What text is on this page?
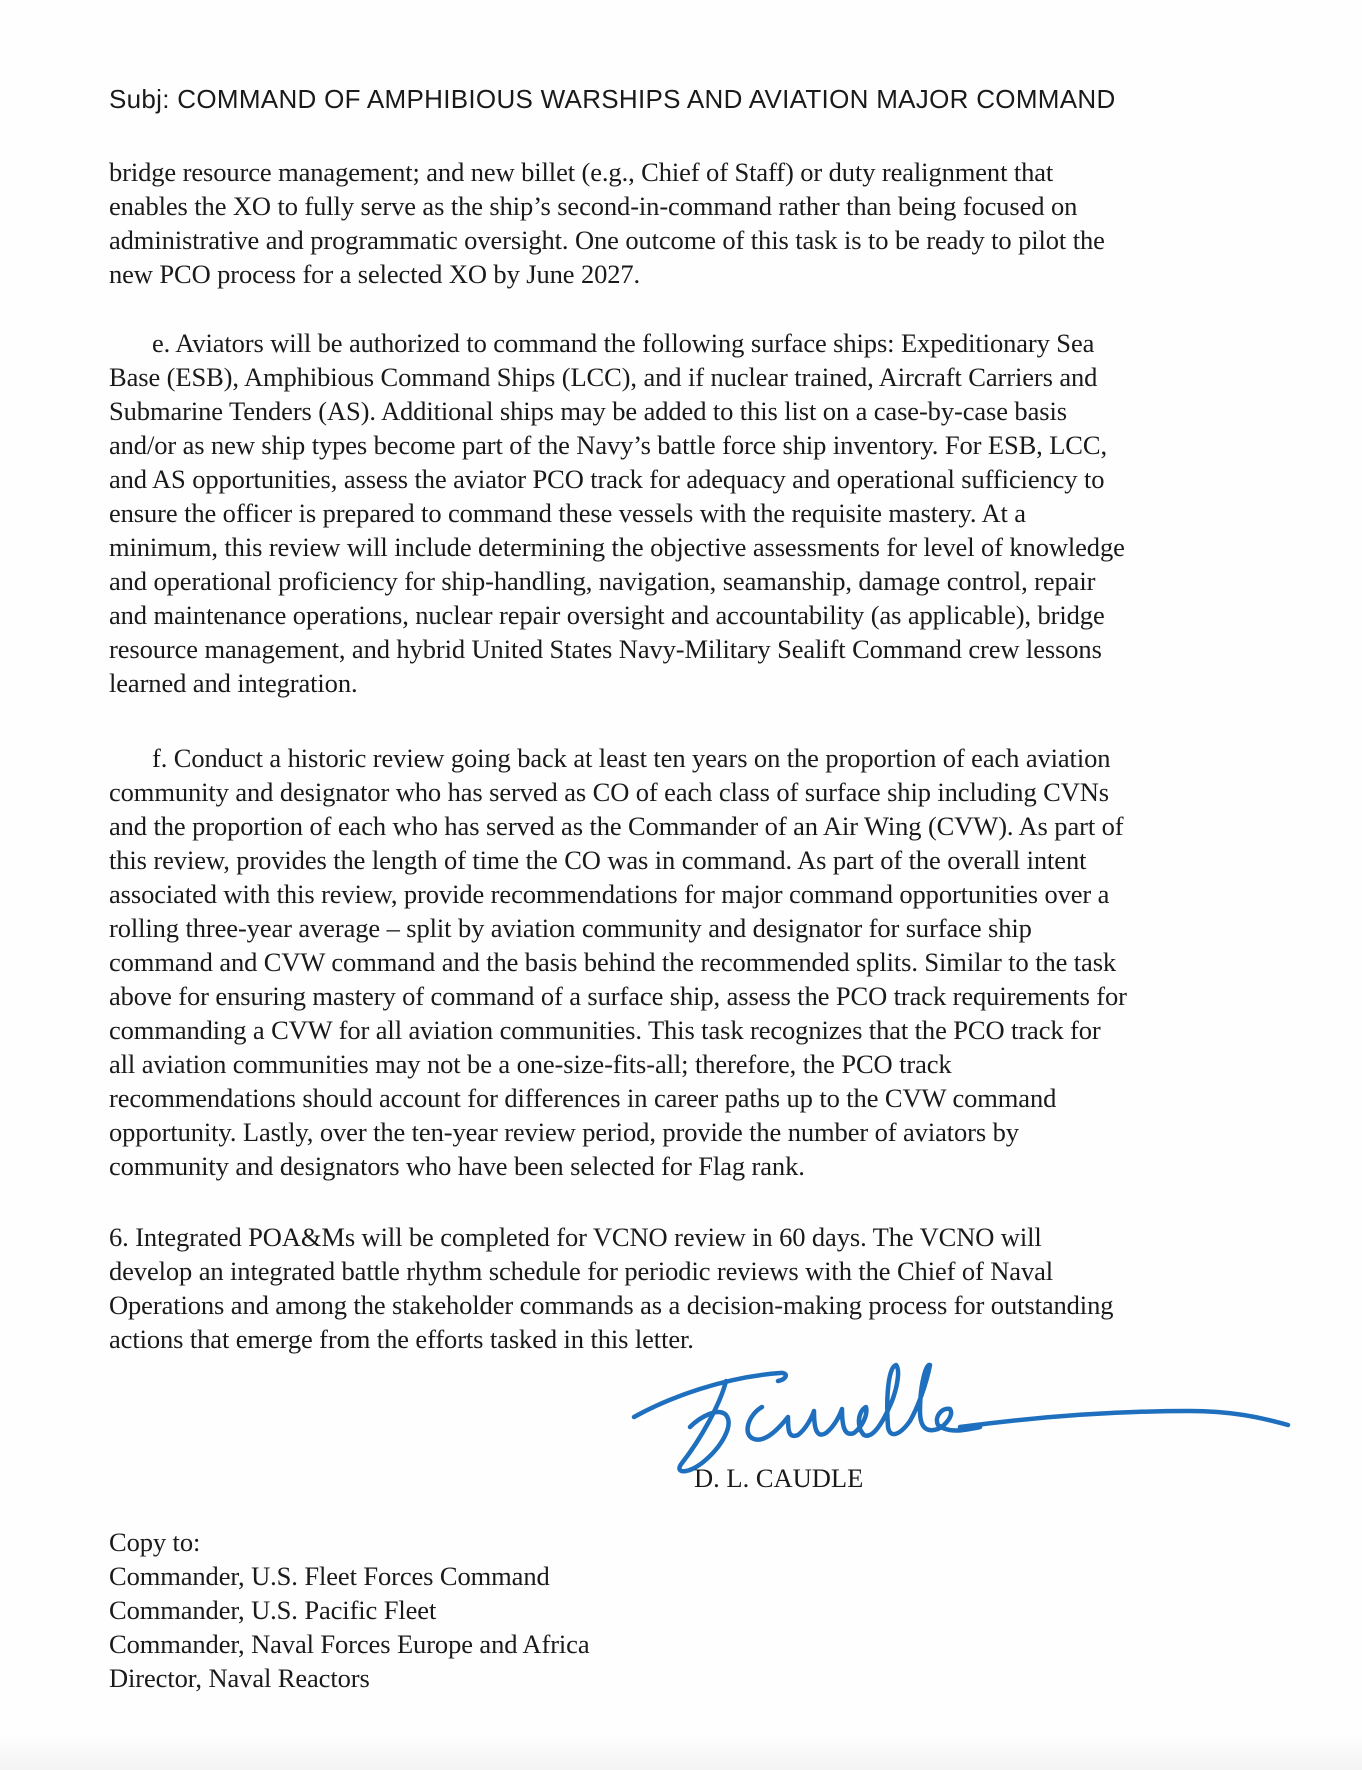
Subj: COMMAND OF AMPHIBIOUS WARSHIPS AND AVIATION MAJOR COMMAND
bridge resource management; and new billet (e.g., Chief of Staff) or duty realignment that
enables the XO to fully serve as the ship’s second-in-command rather than being focused on
administrative and programmatic oversight. One outcome of this task is to be ready to pilot the
new PCO process for a selected XO by June 2027.
e. Aviators will be authorized to command the following surface ships: Expeditionary Sea
Base (ESB), Amphibious Command Ships (LCC), and if nuclear trained, Aircraft Carriers and
Submarine Tenders (AS). Additional ships may be added to this list on a case-by-case basis
and/or as new ship types become part of the Navy’s battle force ship inventory. For ESB, LCC,
and AS opportunities, assess the aviator PCO track for adequacy and operational sufficiency to
ensure the officer is prepared to command these vessels with the requisite mastery. At a
minimum, this review will include determining the objective assessments for level of knowledge
and operational proficiency for ship-handling, navigation, seamanship, damage control, repair
and maintenance operations, nuclear repair oversight and accountability (as applicable), bridge
resource management, and hybrid United States Navy-Military Sealift Command crew lessons
learned and integration.
f. Conduct a historic review going back at least ten years on the proportion of each aviation
community and designator who has served as CO of each class of surface ship including CVNs
and the proportion of each who has served as the Commander of an Air Wing (CVW). As part of
this review, provides the length of time the CO was in command. As part of the overall intent
associated with this review, provide recommendations for major command opportunities over a
rolling three-year average – split by aviation community and designator for surface ship
command and CVW command and the basis behind the recommended splits. Similar to the task
above for ensuring mastery of command of a surface ship, assess the PCO track requirements for
commanding a CVW for all aviation communities. This task recognizes that the PCO track for
all aviation communities may not be a one-size-fits-all; therefore, the PCO track
recommendations should account for differences in career paths up to the CVW command
opportunity. Lastly, over the ten-year review period, provide the number of aviators by
community and designators who have been selected for Flag rank.
6. Integrated POA&Ms will be completed for VCNO review in 60 days. The VCNO will
develop an integrated battle rhythm schedule for periodic reviews with the Chief of Naval
Operations and among the stakeholder commands as a decision-making process for outstanding
actions that emerge from the efforts tasked in this letter.
D. L. CAUDLE
Copy to:
Commander, U.S. Fleet Forces Command
Commander, U.S. Pacific Fleet
Commander, Naval Forces Europe and Africa
Director, Naval Reactors
